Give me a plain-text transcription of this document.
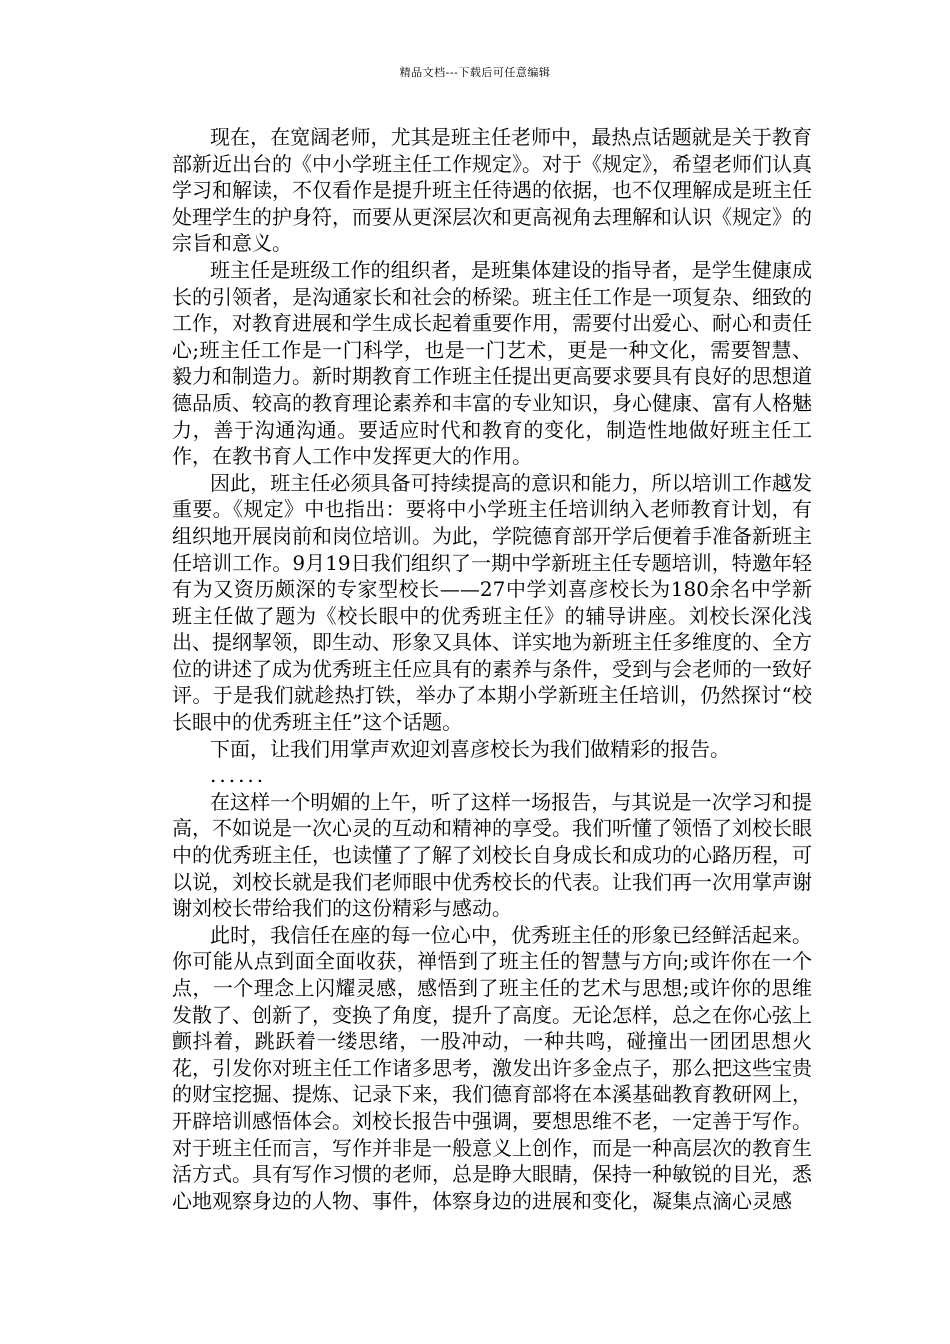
精品文档---下载后可任意编辑

现在，在宽阔老师，尤其是班主任老师中，最热点话题就是关于教育部新近出台的《中小学班主任工作规定》。对于《规定》，希望老师们认真学习和解读，不仅看作是提升班主任待遇的依据，也不仅理解成是班主任处理学生的护身符，而要从更深层次和更高视角去理解和认识《规定》的宗旨和意义。

班主任是班级工作的组织者，是班集体建设的指导者，是学生健康成长的引领者，是沟通家长和社会的桥梁。班主任工作是一项复杂、细致的工作，对教育进展和学生成长起着重要作用，需要付出爱心、耐心和责任心;班主任工作是一门科学，也是一门艺术，更是一种文化，需要智慧、毅力和制造力。新时期教育工作班主任提出更高要求要具有良好的思想道德品质、较高的教育理论素养和丰富的专业知识，身心健康、富有人格魅力，善于沟通沟通。要适应时代和教育的变化，制造性地做好班主任工作，在教书育人工作中发挥更大的作用。

因此，班主任必须具备可持续提高的意识和能力，所以培训工作越发重要。《规定》中也指出：要将中小学班主任培训纳入老师教育计划，有组织地开展岗前和岗位培训。为此，学院德育部开学后便着手准备新班主任培训工作。9月19日我们组织了一期中学新班主任专题培训，特邀年轻有为又资历颇深的专家型校长——27中学刘喜彦校长为180余名中学新班主任做了题为《校长眼中的优秀班主任》的辅导讲座。刘校长深化浅出、提纲挈领，即生动、形象又具体、详实地为新班主任多维度的、全方位的讲述了成为优秀班主任应具有的素养与条件，受到与会老师的一致好评。于是我们就趁热打铁，举办了本期小学新班主任培训，仍然探讨“校长眼中的优秀班主任”这个话题。

下面，让我们用掌声欢迎刘喜彦校长为我们做精彩的报告。

......

在这样一个明媚的上午，听了这样一场报告，与其说是一次学习和提高，不如说是一次心灵的互动和精神的享受。我们听懂了领悟了刘校长眼中的优秀班主任，也读懂了了解了刘校长自身成长和成功的心路历程，可以说，刘校长就是我们老师眼中优秀校长的代表。让我们再一次用掌声谢谢刘校长带给我们的这份精彩与感动。

此时，我信任在座的每一位心中，优秀班主任的形象已经鲜活起来。你可能从点到面全面收获，禅悟到了班主任的智慧与方向;或许你在一个点，一个理念上闪耀灵感，感悟到了班主任的艺术与思想;或许你的思维发散了、创新了，变换了角度，提升了高度。无论怎样，总之在你心弦上颤抖着，跳跃着一缕思绪，一股冲动，一种共鸣，碰撞出一团团思想火花，引发你对班主任工作诸多思考，激发出许多金点子，那么把这些宝贵的财宝挖掘、提炼、记录下来，我们德育部将在本溪基础教育教研网上，开辟培训感悟体会。刘校长报告中强调，要想思维不老，一定善于写作。对于班主任而言，写作并非是一般意义上创作，而是一种高层次的教育生活方式。具有写作习惯的老师，总是睁大眼睛，保持一种敏锐的目光，悉心地观察身边的人物、事件，体察身边的进展和变化，凝集点滴心灵感
